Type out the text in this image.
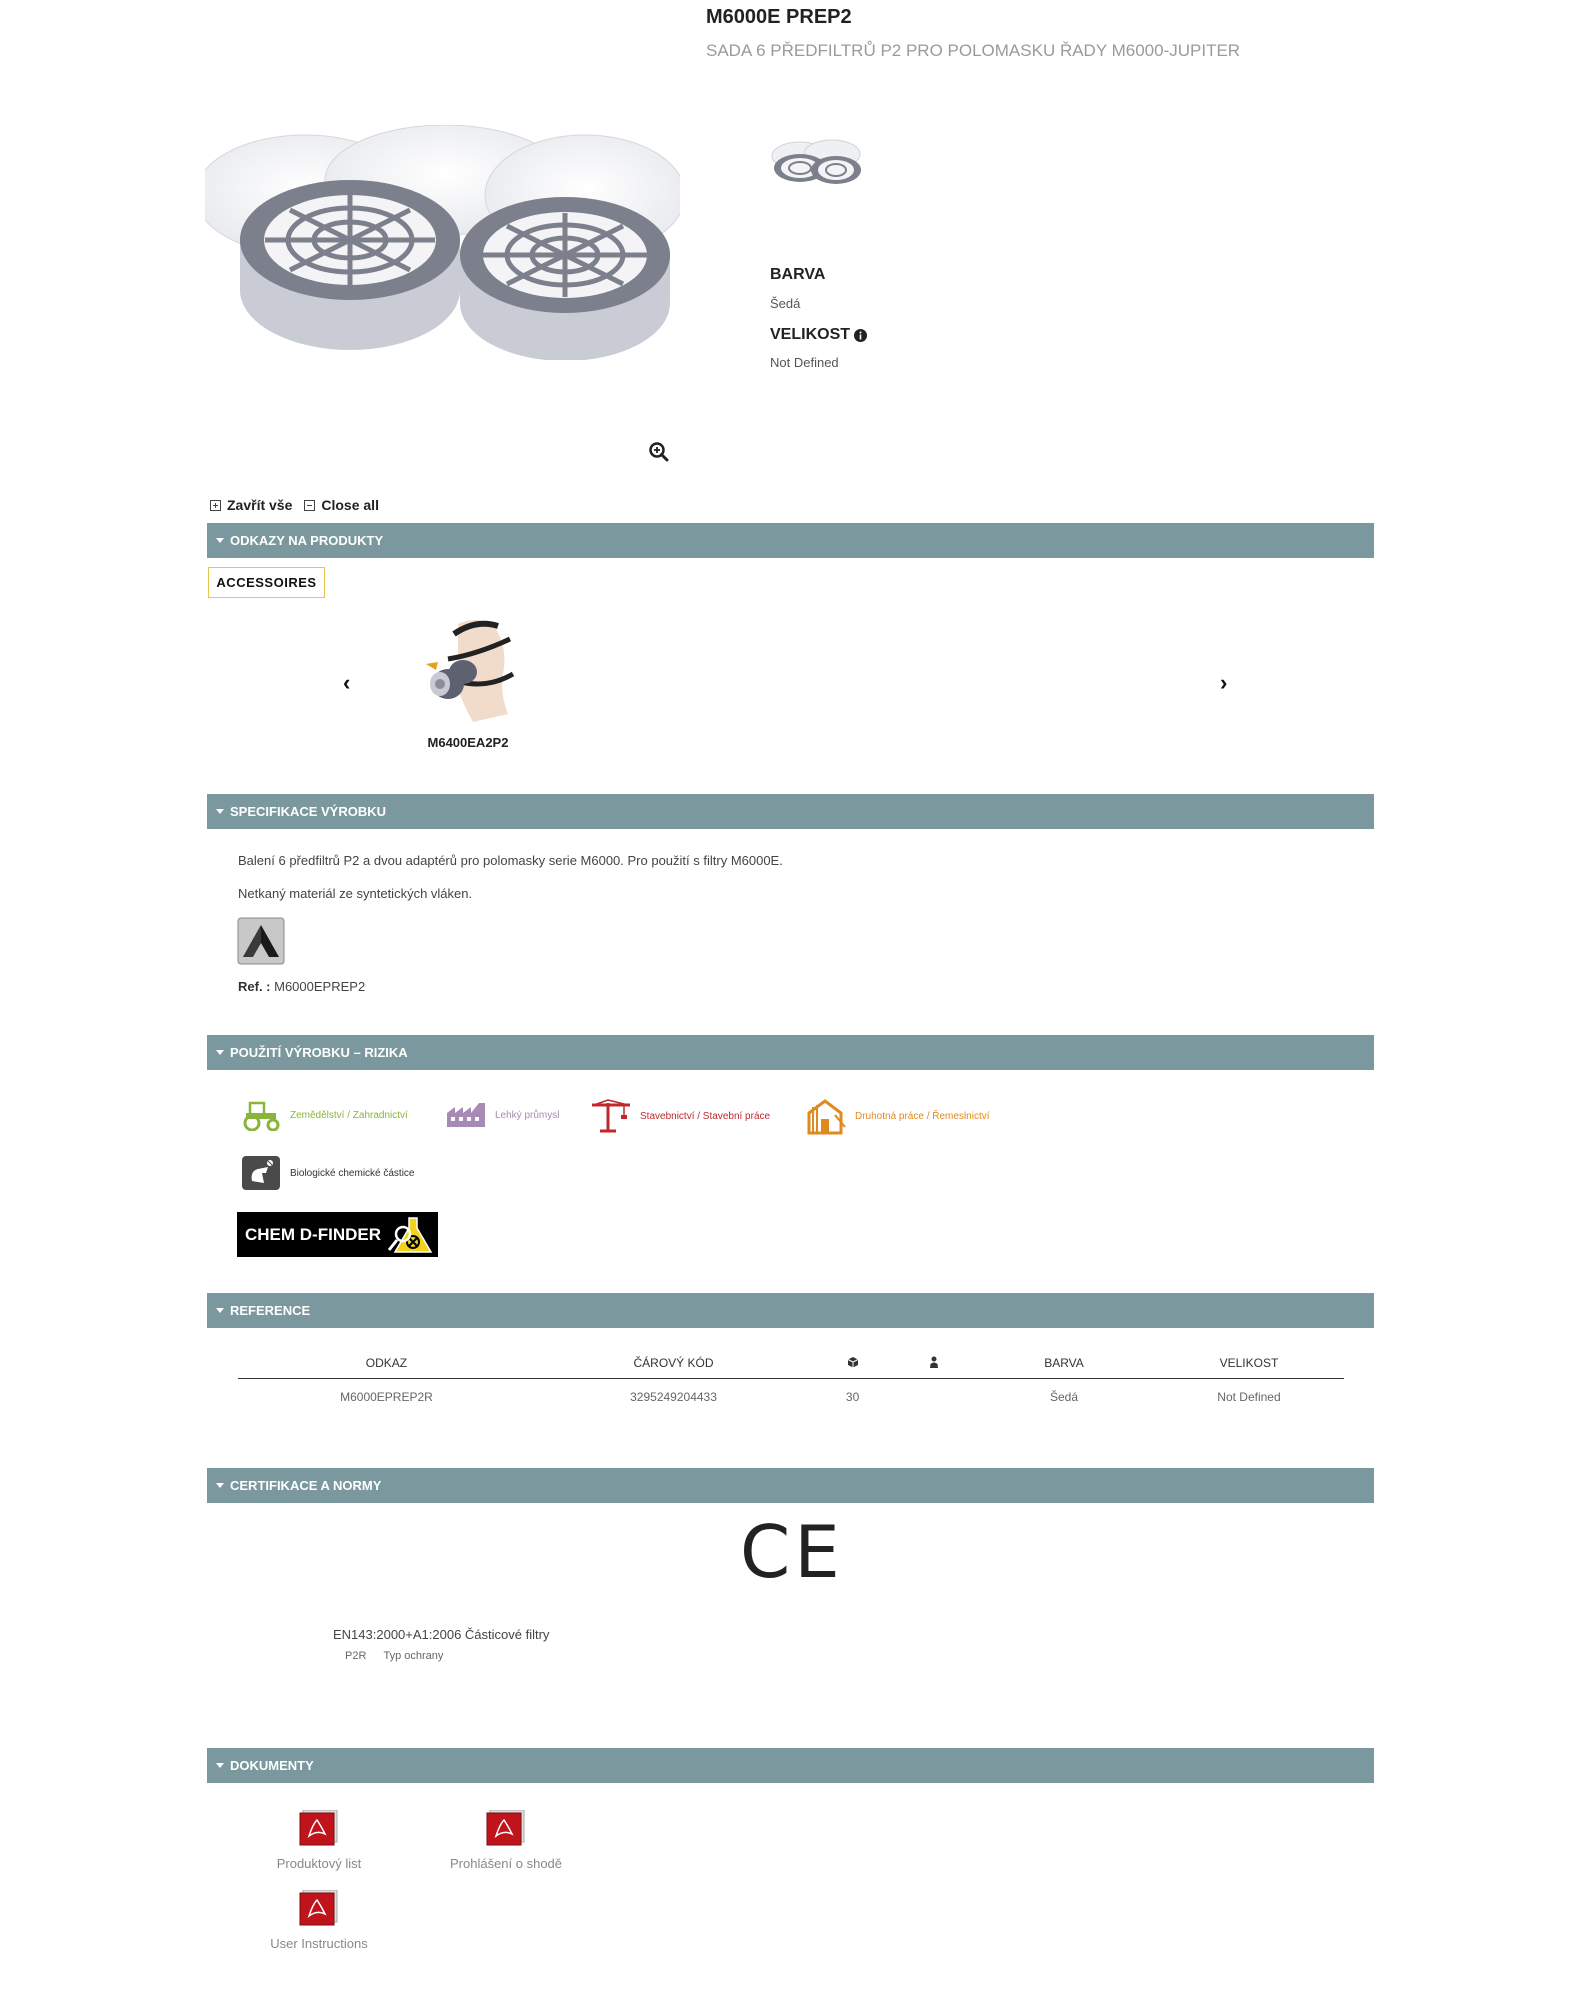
M6000E PREP2
SADA 6 PŘEDFILTRŮ P2 PRO POLOMASKU ŘADY M6000-JUPITER
BARVA
Šedá
VELIKOST
Not Defined
Zavřít vše Close all
ODKAZY NA PRODUKTY
ACCESSOIRES
‹	›
M6400EA2P2
SPECIFIKACE VÝROBKU
Balení 6 předfiltrů P2 a dvou adaptérů pro polomasky serie M6000. Pro použití s filtry M6000E.
Netkaný materiál ze syntetických vláken.
Ref. : M6000EPREP2
POUŽITÍ VÝROBKU – RIZIKA
Zemědělství / Zahradnictví	Lehký průmysl	Stavebnictví / Stavební práce	Druhotná práce / Řemeslnictví
Biologické chemické částice
CHEM D-FINDER
REFERENCE
ODKAZ	ČÁROVÝ KÓD			BARVA	VELIKOST
M6000EPREP2R	3295249204433	30		Šedá	Not Defined
CERTIFIKACE A NORMY
CE
EN143:2000+A1:2006 Částicové filtry
P2R Typ ochrany
DOKUMENTY
Produktový list	Prohlášení o shodě
User Instructions
